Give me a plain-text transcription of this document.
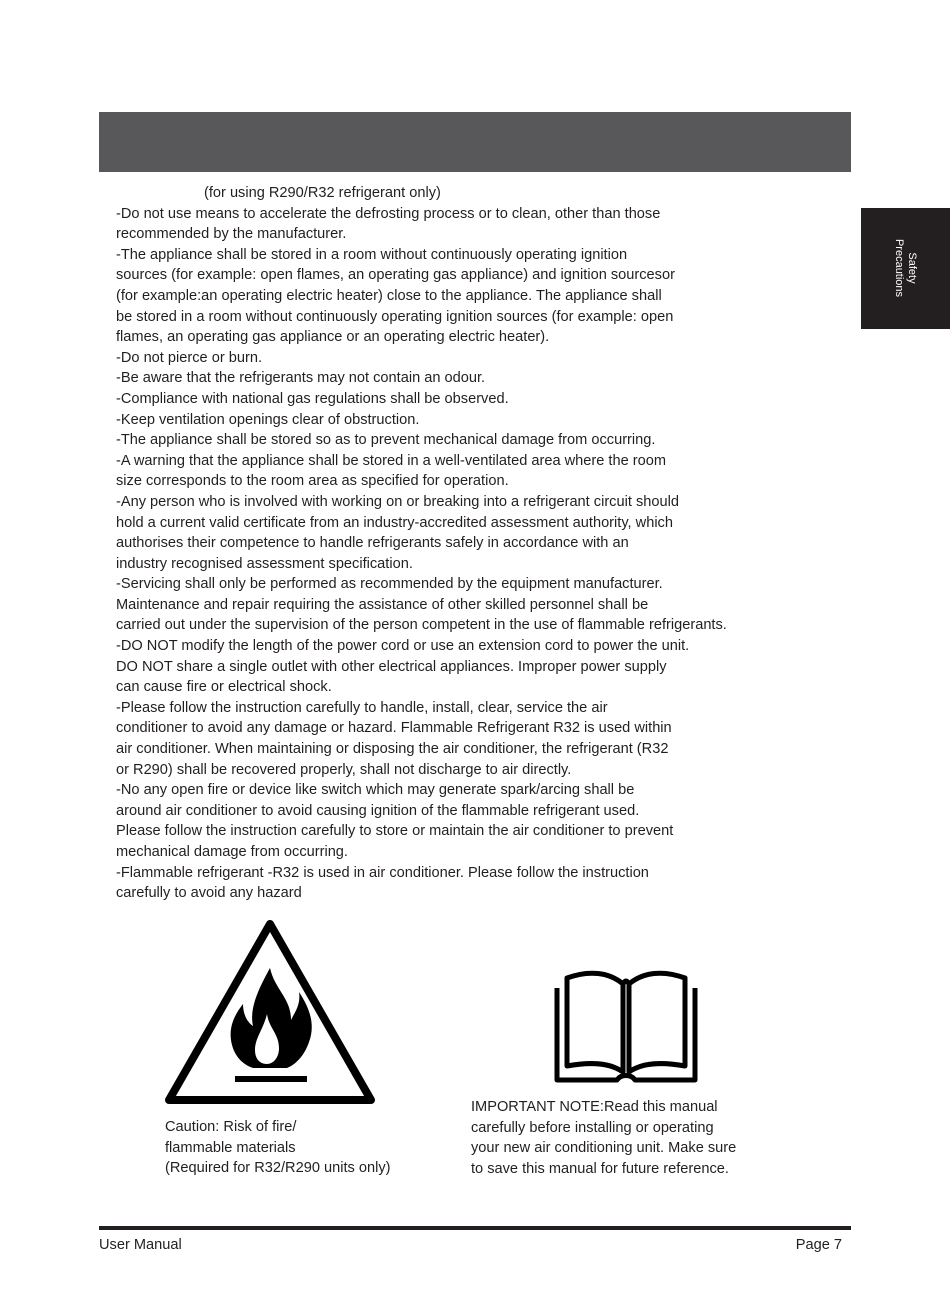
Safety
Precautions
(for using R290/R32 refrigerant only)
-Do not use means to accelerate the defrosting process or to clean, other than those
recommended by the manufacturer.
-The appliance shall be stored in a room without continuously operating ignition
sources (for example: open flames, an operating gas appliance) and ignition sourcesor
(for example:an operating electric heater) close to the appliance. The appliance shall
be stored in a room without continuously operating ignition sources (for example: open
flames, an operating gas appliance or an operating electric heater).
-Do not pierce or burn.
-Be aware that the refrigerants may not contain an odour.
-Compliance with national gas regulations shall be observed.
-Keep ventilation openings clear of obstruction.
-The appliance shall be stored so as to prevent mechanical damage from occurring.
-A warning that the appliance shall be stored in a well-ventilated area where the room
size corresponds to the room area as specified for operation.
-Any person who is involved with working on or breaking into a refrigerant circuit should
hold a current valid certificate from an industry-accredited assessment authority, which
authorises their competence to handle refrigerants safely in accordance with an
industry recognised assessment specification.
-Servicing shall only be performed as recommended by the equipment manufacturer.
Maintenance and repair requiring the assistance of other skilled personnel shall be
carried out under the supervision of the person competent in the use of flammable refrigerants.
-DO NOT modify the length of the power cord or use an extension cord to power the unit.
DO NOT share a single outlet with other electrical appliances. Improper power supply
can cause fire or electrical shock.
-Please follow the instruction carefully to handle, install, clear, service the air
conditioner to avoid any damage or hazard. Flammable Refrigerant R32 is used within
air conditioner. When maintaining or disposing the air conditioner, the refrigerant (R32
or R290) shall be recovered properly, shall not discharge to air directly.
-No any open fire or device like switch which may generate spark/arcing shall be
around air conditioner to avoid causing ignition of the flammable refrigerant used.
Please follow the instruction carefully to store or maintain the air conditioner to prevent
mechanical damage from occurring.
-Flammable refrigerant -R32 is used in air conditioner. Please follow the instruction
carefully to avoid any hazard
Caution: Risk of fire/
flammable materials
(Required for R32/R290 units only)
IMPORTANT NOTE:Read this manual
carefully before installing or operating
your new air conditioning unit. Make sure
to save this manual for future reference.
User Manual	Page 7
